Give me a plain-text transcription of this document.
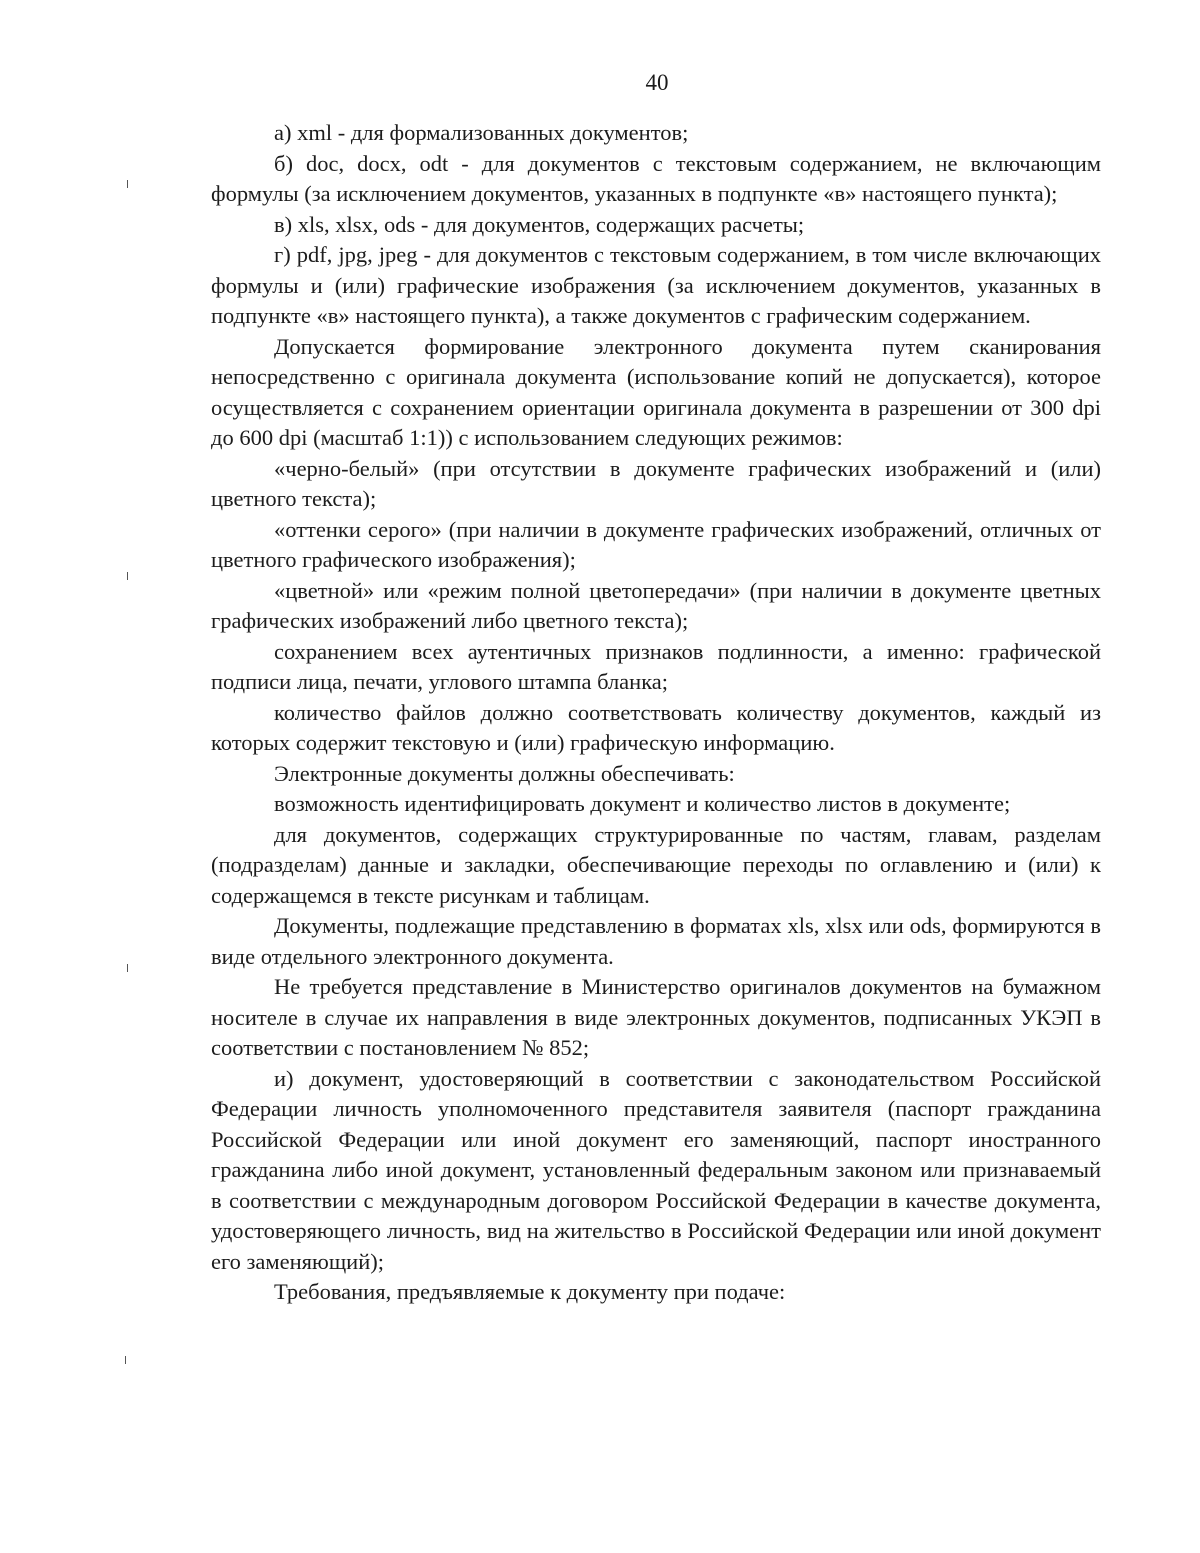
40

а) xml - для формализованных документов;

б) doc, docx, odt - для документов с текстовым содержанием, не включающим формулы (за исключением документов, указанных в подпункте «в» настоящего пункта);

в) xls, xlsx, ods - для документов, содержащих расчеты;

г) pdf, jpg, jpeg - для документов с текстовым содержанием, в том числе включающих формулы и (или) графические изображения (за исключением документов, указанных в подпункте «в» настоящего пункта), а также документов с графическим содержанием.

Допускается формирование электронного документа путем сканирования непосредственно с оригинала документа (использование копий не допускается), которое осуществляется с сохранением ориентации оригинала документа в разрешении от 300 dpi до 600 dpi (масштаб 1:1)) с использованием следующих режимов:

«черно-белый» (при отсутствии в документе графических изображений и (или) цветного текста);

«оттенки серого» (при наличии в документе графических изображений, отличных от цветного графического изображения);

«цветной» или «режим полной цветопередачи» (при наличии в документе цветных графических изображений либо цветного текста);

сохранением всех аутентичных признаков подлинности, а именно: графической подписи лица, печати, углового штампа бланка;

количество файлов должно соответствовать количеству документов, каждый из которых содержит текстовую и (или) графическую информацию.

Электронные документы должны обеспечивать:

возможность идентифицировать документ и количество листов в документе;

для документов, содержащих структурированные по частям, главам, разделам (подразделам) данные и закладки, обеспечивающие переходы по оглавлению и (или) к содержащемся в тексте рисункам и таблицам.

Документы, подлежащие представлению в форматах xls, xlsx или ods, формируются в виде отдельного электронного документа.

Не требуется представление в Министерство оригиналов документов на бумажном носителе в случае их направления в виде электронных документов, подписанных УКЭП в соответствии с постановлением № 852;

и) документ, удостоверяющий в соответствии с законодательством Российской Федерации личность уполномоченного представителя заявителя (паспорт гражданина Российской Федерации или иной документ его заменяющий, паспорт иностранного гражданина либо иной документ, установленный федеральным законом или признаваемый в соответствии с международным договором Российской Федерации в качестве документа, удостоверяющего личность, вид на жительство в Российской Федерации или иной документ его заменяющий);

Требования, предъявляемые к документу при подаче:
